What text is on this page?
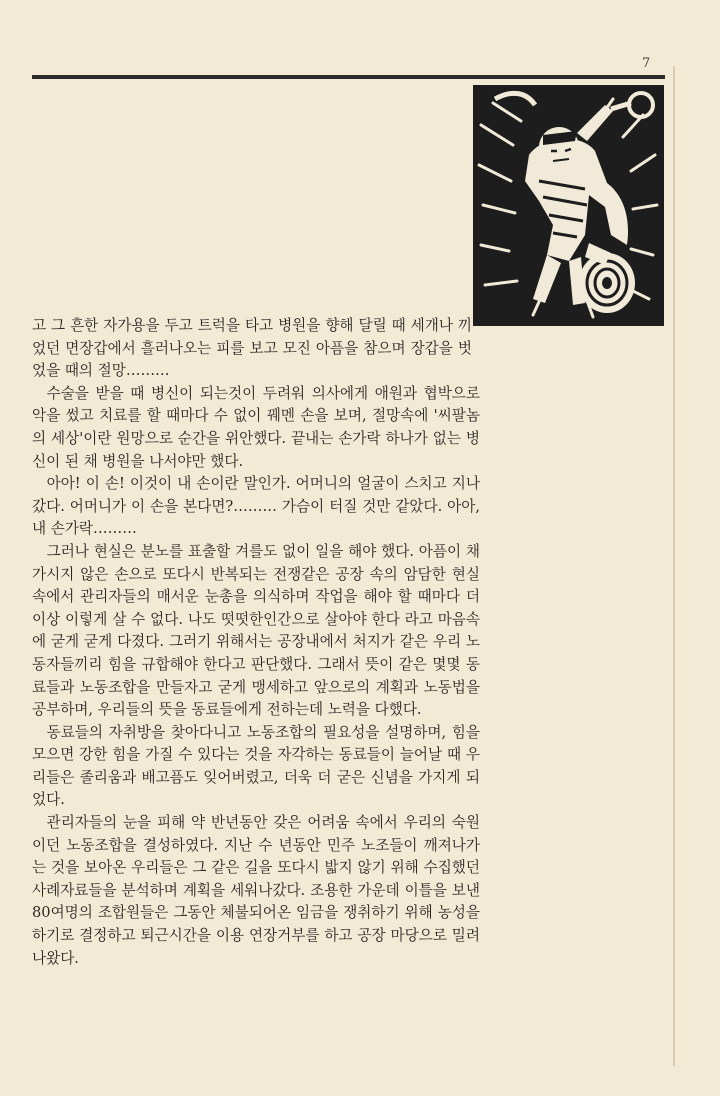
7

고 그 흔한 자가용을 두고 트럭을 타고 병원을 향해 달릴 때 세개나 끼었던 면장갑에서 흘러나오는 피를 보고 모진 아픔을 참으며 장갑을 벗었을 때의 절망………

수술을 받을 때 병신이 되는것이 두려워 의사에게 애원과 협박으로 악을 썼고 치료를 할 때마다 수 없이 꿰멘 손을 보며, 절망속에 '씨팔놈의 세상'이란 원망으로 순간을 위안했다. 끝내는 손가락 하나가 없는 병신이 된 채 병원을 나서야만 했다.

아아! 이 손! 이것이 내 손이란 말인가. 어머니의 얼굴이 스치고 지나갔다. 어머니가 이 손을 본다면?……… 가슴이 터질 것만 같았다. 아아, 내 손가락………

그러나 현실은 분노를 표출할 겨를도 없이 일을 해야 했다. 아픔이 채 가시지 않은 손으로 또다시 반복되는 전쟁같은 공장 속의 암담한 현실속에서 관리자들의 매서운 눈총을 의식하며 작업을 해야 할 때마다 더 이상 이렇게 살 수 없다. 나도 떳떳한인간으로 살아야 한다 라고 마음속에 굳게 굳게 다졌다. 그러기 위해서는 공장내에서 처지가 같은 우리 노동자들끼리 힘을 규합해야 한다고 판단했다. 그래서 뜻이 같은 몇몇 동료들과 노동조합을 만들자고 굳게 맹세하고 앞으로의 계획과 노동법을 공부하며, 우리들의 뜻을 동료들에게 전하는데 노력을 다했다.

동료들의 자취방을 찾아다니고 노동조합의 필요성을 설명하며, 힘을 모으면 강한 힘을 가질 수 있다는 것을 자각하는 동료들이 늘어날 때 우리들은 졸리움과 배고픔도 잊어버렸고, 더욱 더 굳은 신념을 가지게 되었다.

관리자들의 눈을 피해 약 반년동안 갖은 어려움 속에서 우리의 숙원이던 노동조합을 결성하였다. 지난 수 년동안 민주 노조들이 깨져나가는 것을 보아온 우리들은 그 같은 길을 또다시 밟지 않기 위해 수집했던 사례자료들을 분석하며 계획을 세워나갔다. 조용한 가운데 이틀을 보낸 80여명의 조합원들은 그동안 체불되어온 임금을 쟁취하기 위해 농성을 하기로 결정하고 퇴근시간을 이용 연장거부를 하고 공장 마당으로 밀려나왔다.
